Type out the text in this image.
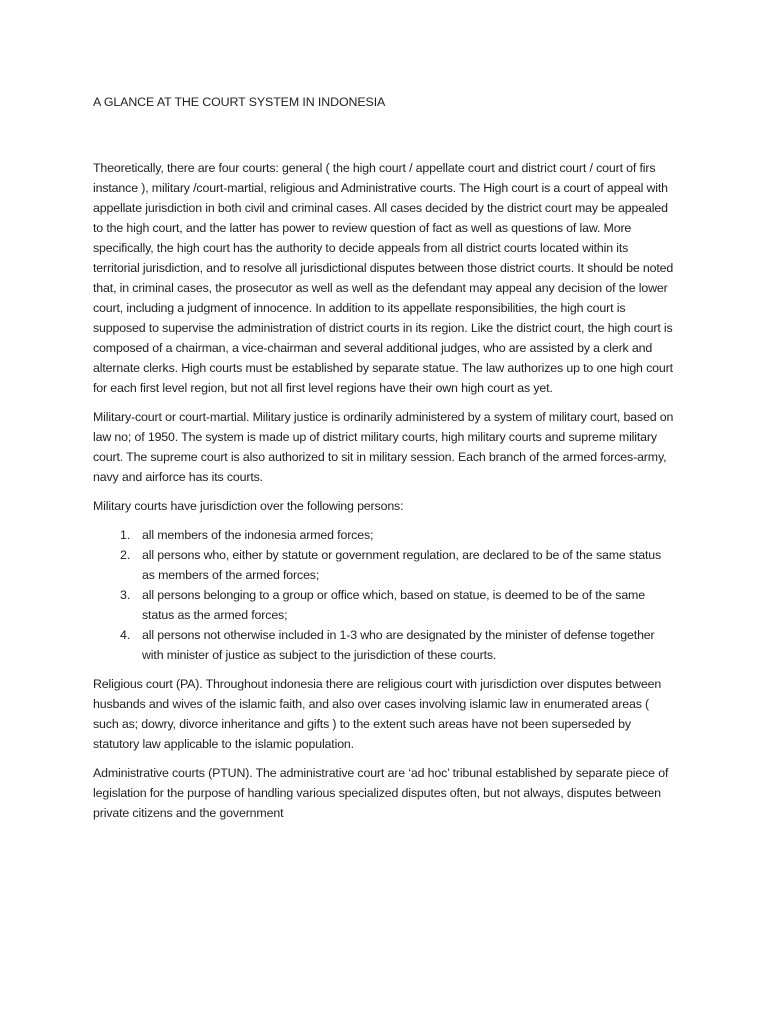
A GLANCE AT THE COURT SYSTEM IN INDONESIA

Theoretically, there are four courts: general ( the high court / appellate court and district court / court of firs instance ), military /court-martial, religious and Administrative courts. The High court is a court of appeal with appellate jurisdiction in both civil and criminal cases. All cases decided by the district court may be appealed to the high court, and the latter has power to review question of fact as well as questions of law. More specifically, the high court has the authority to decide appeals from all district courts located within its territorial jurisdiction, and to resolve all jurisdictional disputes between those district courts. It should be noted that, in criminal cases, the prosecutor as well as well as the defendant may appeal any decision of the lower court, including a judgment of innocence. In addition to its appellate responsibilities, the high court is supposed to supervise the administration of district courts in its region. Like the district court, the high court is composed of a chairman, a vice-chairman and several additional judges, who are assisted by a clerk and alternate clerks. High courts must be established by separate statue. The law authorizes up to one high court for each first level region, but not all first level regions have their own high court as yet.

Military-court or court-martial. Military justice is ordinarily administered by a system of military court, based on law no; of 1950. The system is made up of district military courts, high military courts and supreme military court. The supreme court is also authorized to sit in military session. Each branch of the armed forces-army, navy and airforce has its courts.

Military courts have jurisdiction over the following persons:

1. all members of the indonesia armed forces;
2. all persons who, either by statute or government regulation, are declared to be of the same status as members of the armed forces;
3. all persons belonging to a group or office which, based on statue, is deemed to be of the same status as the armed forces;
4. all persons not otherwise included in 1-3 who are designated by the minister of defense together with minister of justice as subject to the jurisdiction of these courts.

Religious court (PA). Throughout indonesia there are religious court with jurisdiction over disputes between husbands and wives of the islamic faith, and also over cases involving islamic law in enumerated areas ( such as; dowry, divorce inheritance and gifts ) to the extent such areas have not been superseded by statutory law applicable to the islamic population.

Administrative courts (PTUN). The administrative court are ‘ad hoc’ tribunal established by separate piece of legislation for the purpose of handling various specialized disputes often, but not always, disputes between private citizens and the government
